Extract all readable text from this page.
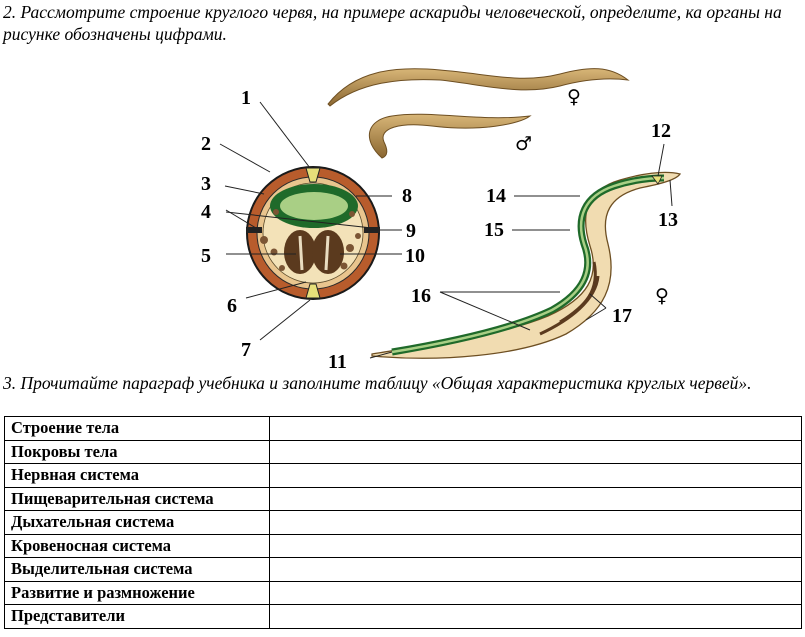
2. Рассмотрите строение круглого червя, на примере аскариды человеческой, определите, ка органы на рисунке обозначены цифрами.

♀
♂
♀
1
2
3
4
5
6
7
8
9
10
11
12
13
14
15
16
17

3. Прочитайте параграф учебника и заполните таблицу «Общая характеристика круглых червей».

Строение тела	
Покровы тела	
Нервная система	
Пищеварительная система	
Дыхательная система	
Кровеносная система	
Выделительная система	
Развитие и размножение	
Представители	
